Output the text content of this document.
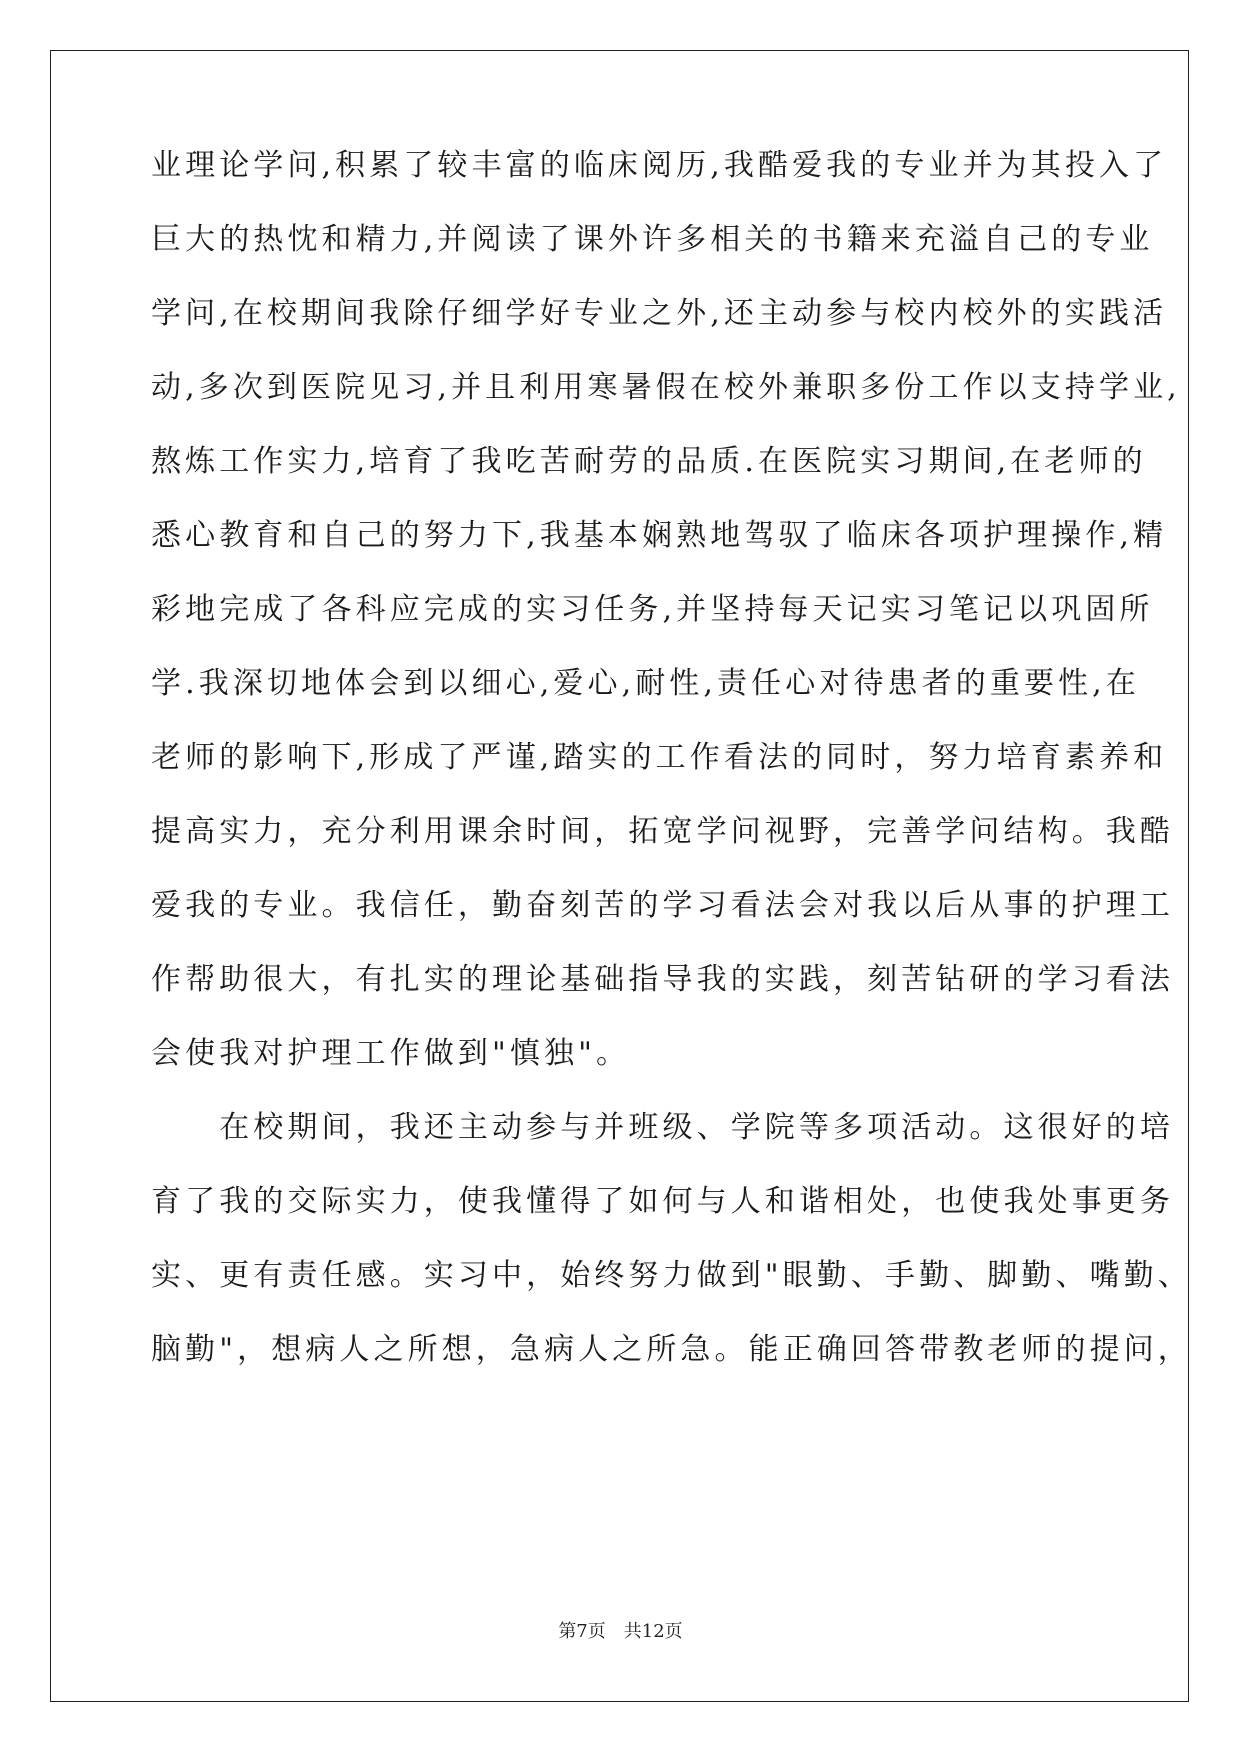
业理论学问,积累了较丰富的临床阅历,我酷爱我的专业并为其投入了
巨大的热忱和精力,并阅读了课外许多相关的书籍来充溢自己的专业
学问,在校期间我除仔细学好专业之外,还主动参与校内校外的实践活
动,多次到医院见习,并且利用寒暑假在校外兼职多份工作以支持学业,
熬炼工作实力,培育了我吃苦耐劳的品质.在医院实习期间,在老师的
悉心教育和自己的努力下,我基本娴熟地驾驭了临床各项护理操作,精
彩地完成了各科应完成的实习任务,并坚持每天记实习笔记以巩固所
学.我深切地体会到以细心,爱心,耐性,责任心对待患者的重要性,在
老师的影响下,形成了严谨,踏实的工作看法的同时，努力培育素养和
提高实力，充分利用课余时间，拓宽学问视野，完善学问结构。我酷
爱我的专业。我信任，勤奋刻苦的学习看法会对我以后从事的护理工
作帮助很大，有扎实的理论基础指导我的实践，刻苦钻研的学习看法
会使我对护理工作做到"慎独"。
　　在校期间，我还主动参与并班级、学院等多项活动。这很好的培
育了我的交际实力，使我懂得了如何与人和谐相处，也使我处事更务
实、更有责任感。实习中，始终努力做到"眼勤、手勤、脚勤、嘴勤、
脑勤"，想病人之所想，急病人之所急。能正确回答带教老师的提问，
第7页 共12页
